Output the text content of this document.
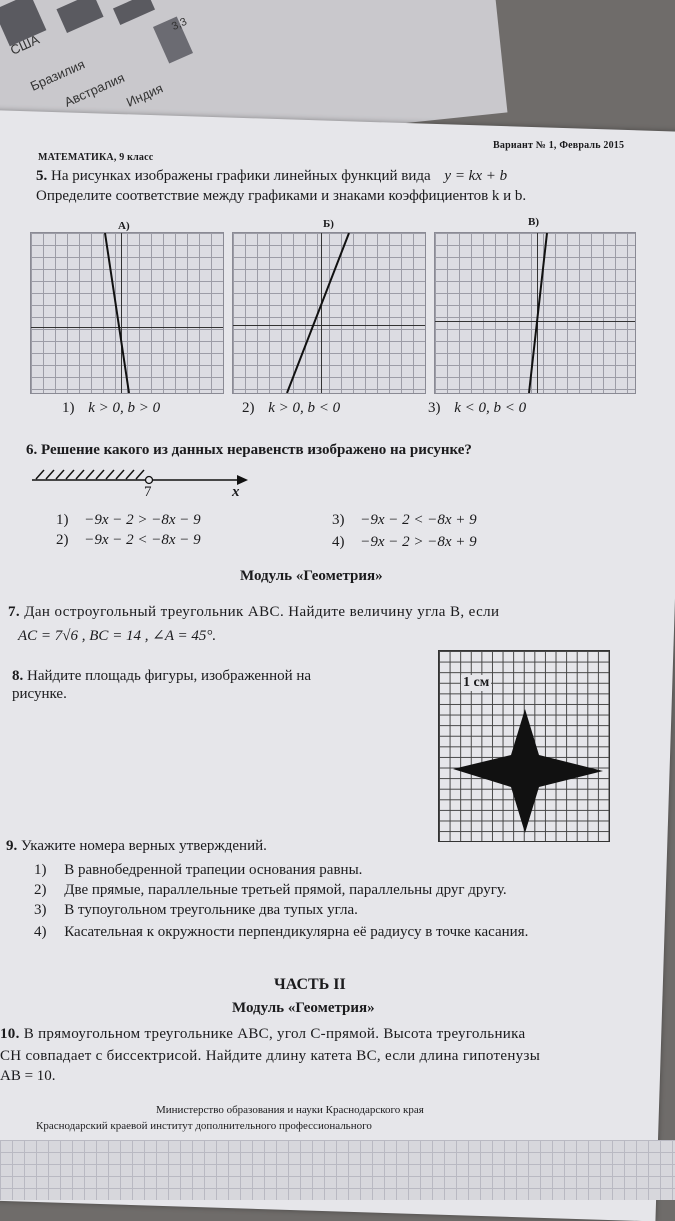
США
Бразилия
Австралия
Индия
3,3
МАТЕМАТИКА, 9 класс
Вариант № 1, Февраль 2015
5. На рисунках изображены графики линейных функций вида y = kx + b
Определите соответствие между графиками и знаками коэффициентов k и b.
А)	Б)	В)
1) k > 0, b > 0	2) k > 0, b < 0	3) k < 0, b < 0
6. Решение какого из данных неравенств изображено на рисунке?
7	x
1) −9x − 2 > −8x − 9
2) −9x − 2 < −8x − 9
3) −9x − 2 < −8x + 9
4) −9x − 2 > −8x + 9
Модуль «Геометрия»
7. Дан остроугольный треугольник ABC. Найдите величину угла B, если
AC = 7√6 , BC = 14 , ∠A = 45°.
8. Найдите площадь фигуры, изображенной на
рисунке.
1 см
9. Укажите номера верных утверждений.
1) В равнобедренной трапеции основания равны.
2) Две прямые, параллельные третьей прямой, параллельны друг другу.
3) В тупоугольном треугольнике два тупых угла.
4) Касательная к окружности перпендикулярна её радиусу в точке касания.
ЧАСТЬ II
Модуль «Геометрия»
10. В прямоугольном треугольнике ABC, угол C-прямой. Высота треугольника
CH совпадает с биссектрисой. Найдите длину катета BC, если длина гипотенузы
AB = 10.
Министерство образования и науки Краснодарского края
Краснодарский краевой институт дополнительного профессионального
